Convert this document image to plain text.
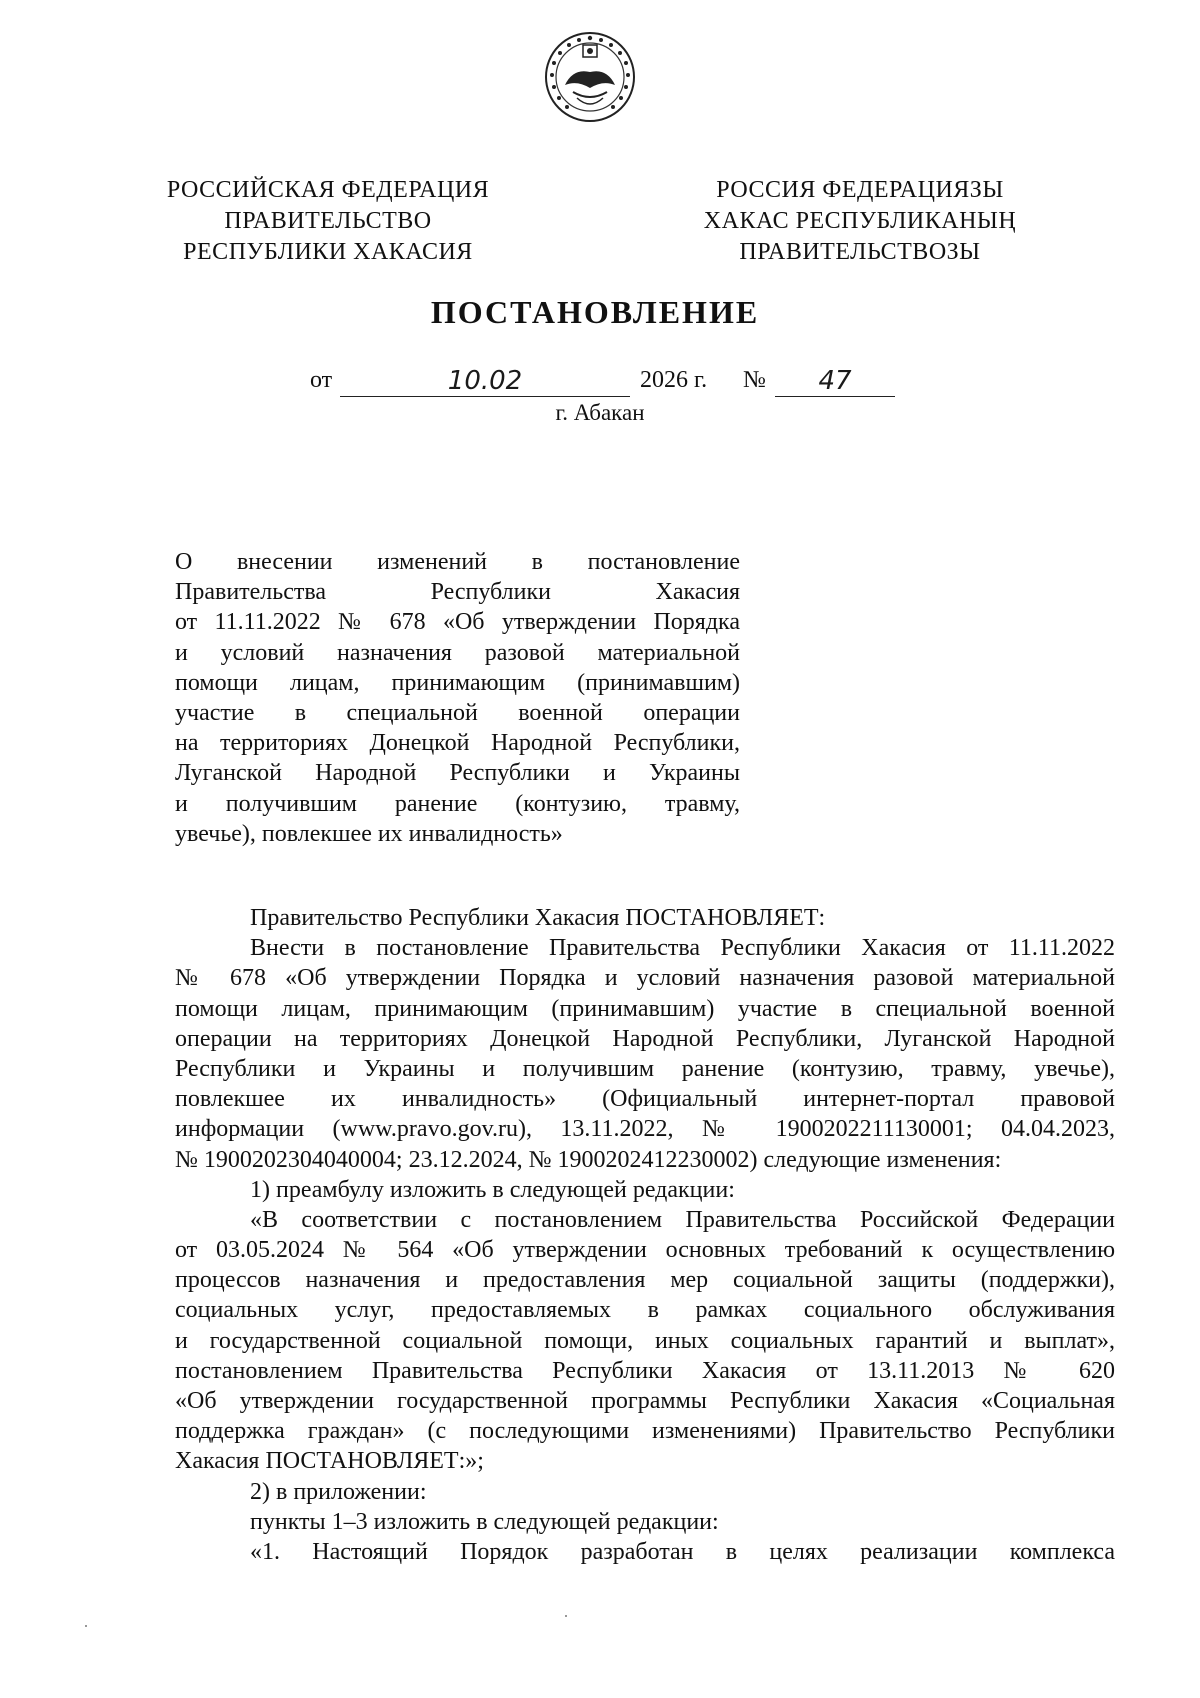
РОССИЙСКАЯ ФЕДЕРАЦИЯ
ПРАВИТЕЛЬСТВО
РЕСПУБЛИКИ ХАКАСИЯ
РОССИЯ ФЕДЕРАЦИЯЗЫ
ХАКАС РЕСПУБЛИКАНЫҢ
ПРАВИТЕЛЬСТВОЗЫ
ПОСТАНОВЛЕНИЕ
от	10.02	2026 г. №	47
г. Абакан
О внесении изменений в постановление
Правительства Республики Хакасия
от 11.11.2022 № 678 «Об утверждении Порядка
и условий назначения разовой материальной
помощи лицам, принимающим (принимавшим)
участие в специальной военной операции
на территориях Донецкой Народной Республики,
Луганской Народной Республики и Украины
и получившим ранение (контузию, травму,
увечье), повлекшее их инвалидность»
Правительство Республики Хакасия ПОСТАНОВЛЯЕТ:
Внести в постановление Правительства Республики Хакасия от 11.11.2022
№ 678 «Об утверждении Порядка и условий назначения разовой материальной
помощи лицам, принимающим (принимавшим) участие в специальной военной
операции на территориях Донецкой Народной Республики, Луганской Народной
Республики и Украины и получившим ранение (контузию, травму, увечье),
повлекшее их инвалидность» (Официальный интернет-портал правовой
информации (www.pravo.gov.ru), 13.11.2022, № 1900202211130001; 04.04.2023,
№ 1900202304040004; 23.12.2024, № 1900202412230002) следующие изменения:
1) преамбулу изложить в следующей редакции:
«В соответствии с постановлением Правительства Российской Федерации
от 03.05.2024 № 564 «Об утверждении основных требований к осуществлению
процессов назначения и предоставления мер социальной защиты (поддержки),
социальных услуг, предоставляемых в рамках социального обслуживания
и государственной социальной помощи, иных социальных гарантий и выплат»,
постановлением Правительства Республики Хакасия от 13.11.2013 № 620
«Об утверждении государственной программы Республики Хакасия «Социальная
поддержка граждан» (с последующими изменениями) Правительство Республики
Хакасия ПОСТАНОВЛЯЕТ:»;
2) в приложении:
пункты 1–3 изложить в следующей редакции:
«1. Настоящий Порядок разработан в целях реализации комплекса
